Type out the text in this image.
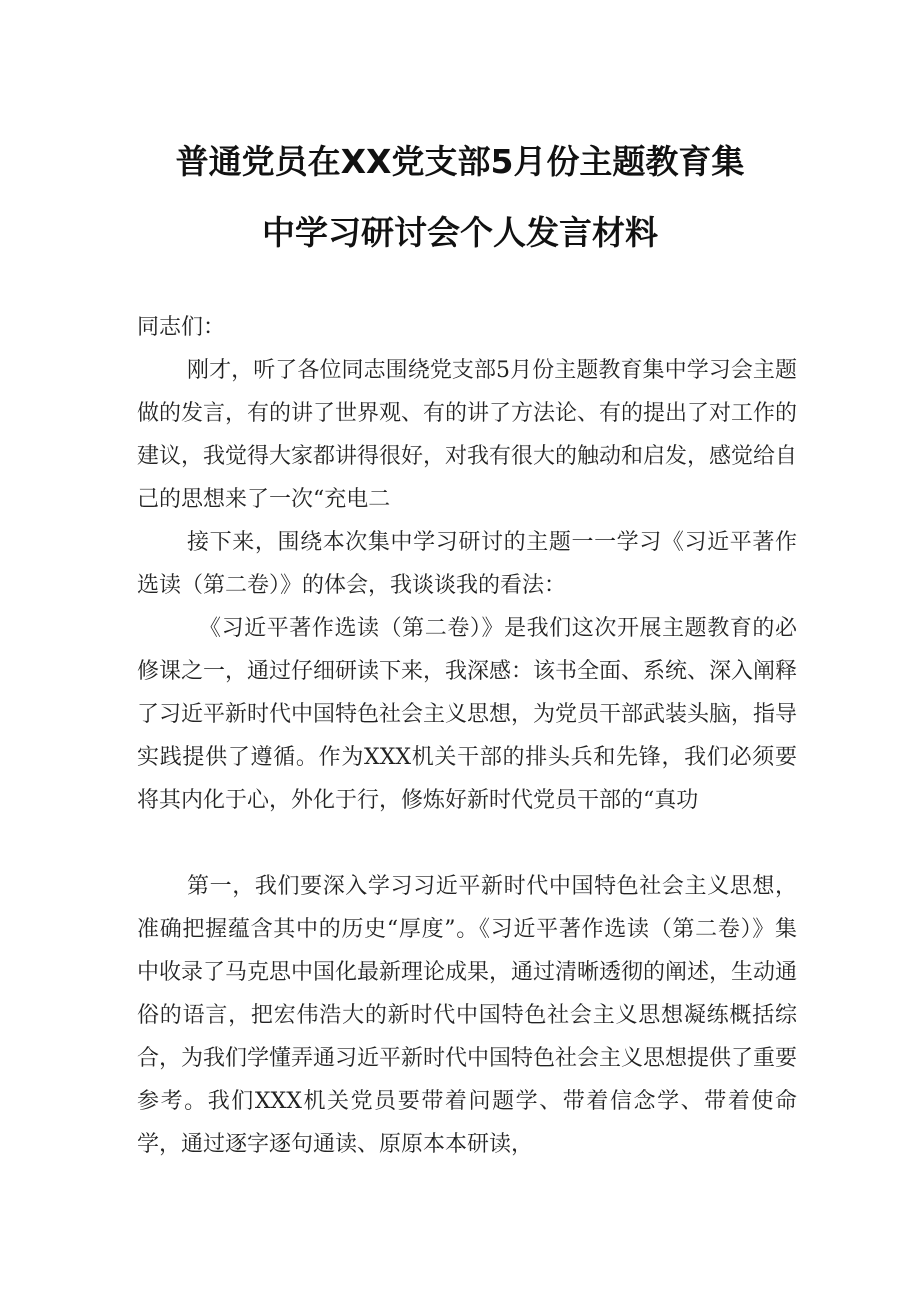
普通党员在XX党支部5月份主题教育集
中学习研讨会个人发言材料

同志们：

刚才，听了各位同志围绕党支部5月份主题教育集中学习会主题做的发言，有的讲了世界观、有的讲了方法论、有的提出了对工作的建议，我觉得大家都讲得很好，对我有很大的触动和启发，感觉给自己的思想来了一次“充电二

接下来，围绕本次集中学习研讨的主题一一学习《习近平著作选读（第二卷）》的体会，我谈谈我的看法：

《习近平著作选读（第二卷）》是我们这次开展主题教育的必修课之一，通过仔细研读下来，我深感：该书全面、系统、深入阐释了习近平新时代中国特色社会主义思想，为党员干部武装头脑，指导实践提供了遵循。作为XXX机关干部的排头兵和先锋，我们必须要将其内化于心，外化于行，修炼好新时代党员干部的“真功

第一，我们要深入学习习近平新时代中国特色社会主义思想，准确把握蕴含其中的历史“厚度”。《习近平著作选读（第二卷）》集中收录了马克思中国化最新理论成果，通过清晰透彻的阐述，生动通俗的语言，把宏伟浩大的新时代中国特色社会主义思想凝练概括综合，为我们学懂弄通习近平新时代中国特色社会主义思想提供了重要参考。我们XXX机关党员要带着问题学、带着信念学、带着使命学，通过逐字逐句通读、原原本本研读，
